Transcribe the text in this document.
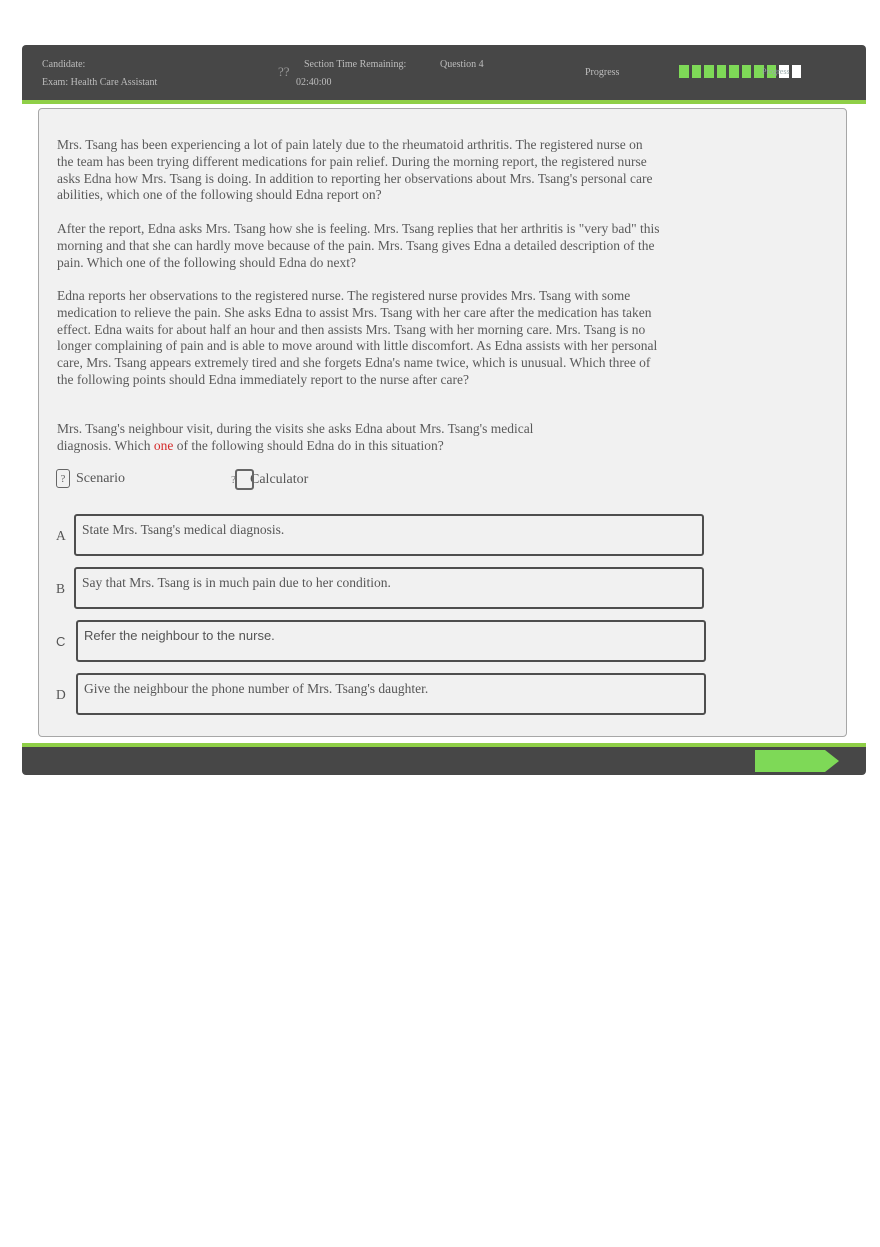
Candidate:
Exam: Health Care Assistant
?? Section Time Remaining:
02:40:00
Question 4
Progress	Progress

Mrs. Tsang has been experiencing a lot of pain lately due to the rheumatoid arthritis. The registered nurse on the team has been trying different medications for pain relief. During the morning report, the registered nurse asks Edna how Mrs. Tsang is doing. In addition to reporting her observations about Mrs. Tsang's personal care abilities, which one of the following should Edna report on?

After the report, Edna asks Mrs. Tsang how she is feeling. Mrs. Tsang replies that her arthritis is "very bad" this morning and that she can hardly move because of the pain. Mrs. Tsang gives Edna a detailed description of the pain. Which one of the following should Edna do next?

Edna reports her observations to the registered nurse. The registered nurse provides Mrs. Tsang with some medication to relieve the pain. She asks Edna to assist Mrs. Tsang with her care after the medication has taken effect. Edna waits for about half an hour and then assists Mrs. Tsang with her morning care. Mrs. Tsang is no longer complaining of pain and is able to move around with little discomfort. As Edna assists with her personal care, Mrs. Tsang appears extremely tired and she forgets Edna's name twice, which is unusual. Which three of the following points should Edna immediately report to the nurse after care?

Mrs. Tsang's neighbour visit, during the visits she asks Edna about Mrs. Tsang's medical diagnosis. Which one of the following should Edna do in this situation?

? Scenario	? Calculator
A State Mrs. Tsang's medical diagnosis.
B Say that Mrs. Tsang is in much pain due to her condition.
C Refer the neighbour to the nurse.
D Give the neighbour the phone number of Mrs. Tsang's daughter.
